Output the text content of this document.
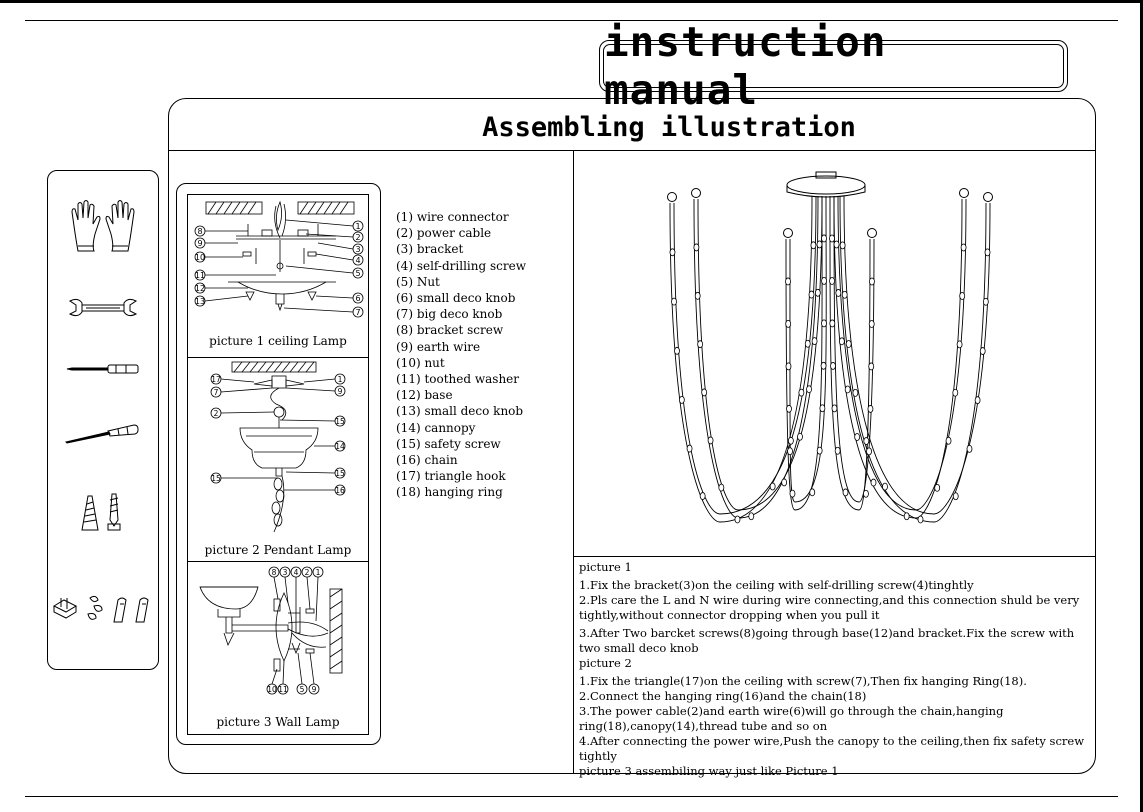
instruction manual
Assembling illustration
1
2
3
4
5
6
7
8
9
10
11
12
13
picture 1 ceiling Lamp
17
7
2
15
1
9
15
14
15
16
picture 2 Pendant Lamp
8 3 4 2 1
10 11 5 9
picture 3 Wall Lamp
(1) wire connector
(2) power cable
(3) bracket
(4) self-drilling screw
(5) Nut
(6) small deco knob
(7) big deco knob
(8) bracket screw
(9) earth wire
(10) nut
(11) toothed washer
(12) base
(13) small deco knob
(14) cannopy
(15) safety screw
(16) chain
(17) triangle hook
(18) hanging ring

picture 1

1.Fix the bracket(3)on the ceiling with self-drilling screw(4)tinghtly

2.Pls care the L and N wire during wire connecting,and this connection shuld be very tightly,without connector dropping when you pull it

3.After Two barcket screws(8)going through base(12)and bracket.Fix the screw with two small deco knob

picture 2

1.Fix the triangle(17)on the ceiling with screw(7),Then fix hanging Ring(18).

2.Connect the hanging ring(16)and the chain(18)

3.The power cable(2)and earth wire(6)will go through the chain,hanging ring(18),canopy(14),thread tube and so on

4.After connecting the power wire,Push the canopy to the ceiling,then fix safety screw tightly

picture 3 assembiling way just like Picture 1
